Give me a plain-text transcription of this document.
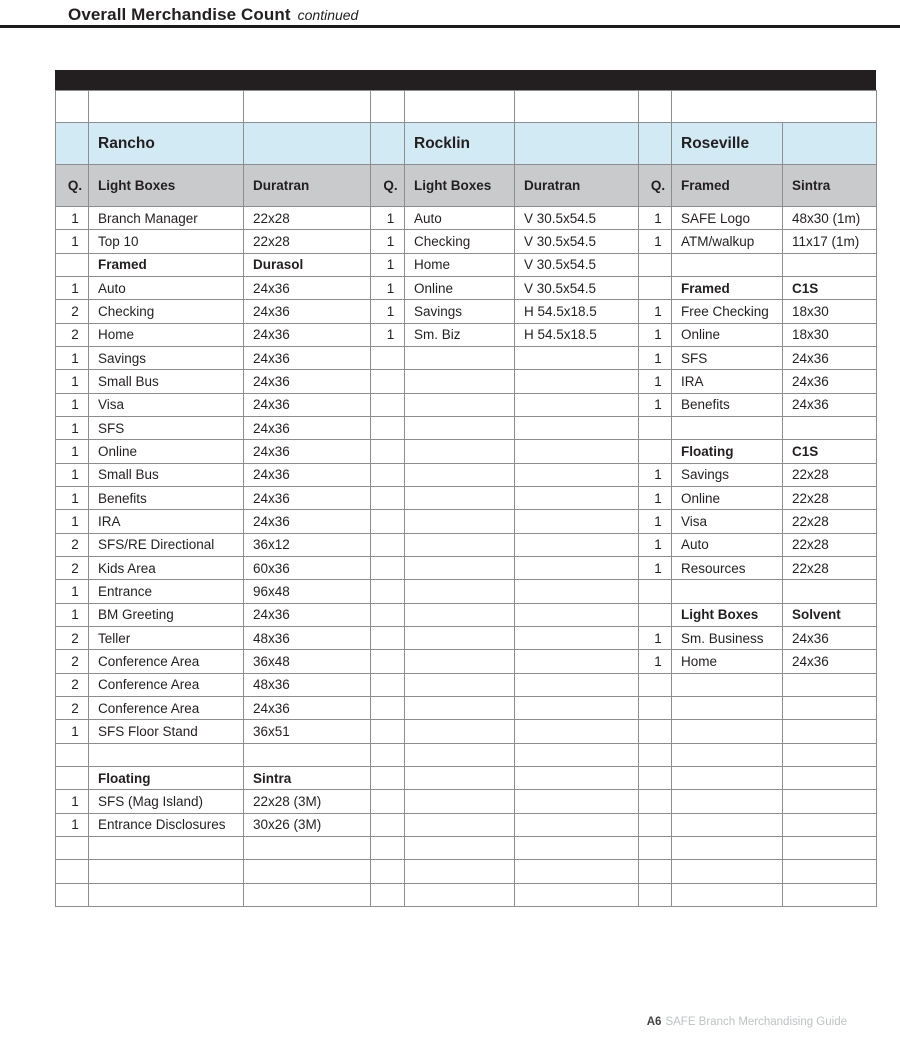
Overall Merchandise Count continued

	Rancho			Rocklin			Roseville	
Q.	Light Boxes	Duratran	Q.	Light Boxes	Duratran	Q.	Framed	Sintra
1	Branch Manager	22x28	1	Auto	V 30.5x54.5	1	SAFE Logo	48x30 (1m)
1	Top 10	22x28	1	Checking	V 30.5x54.5	1	ATM/walkup	11x17 (1m)
	Framed	Durasol	1	Home	V 30.5x54.5			
1	Auto	24x36	1	Online	V 30.5x54.5		Framed	C1S
2	Checking	24x36	1	Savings	H 54.5x18.5	1	Free Checking	18x30
2	Home	24x36	1	Sm. Biz	H 54.5x18.5	1	Online	18x30
1	Savings	24x36				1	SFS	24x36
1	Small Bus	24x36				1	IRA	24x36
1	Visa	24x36				1	Benefits	24x36
1	SFS	24x36						
1	Online	24x36					Floating	C1S
1	Small Bus	24x36				1	Savings	22x28
1	Benefits	24x36				1	Online	22x28
1	IRA	24x36				1	Visa	22x28
2	SFS/RE Directional	36x12				1	Auto	22x28
2	Kids Area	60x36				1	Resources	22x28
1	Entrance	96x48						
1	BM Greeting	24x36					Light Boxes	Solvent
2	Teller	48x36				1	Sm. Business	24x36
2	Conference Area	36x48				1	Home	24x36
2	Conference Area	48x36						
2	Conference Area	24x36						
1	SFS Floor Stand	36x51						

	Floating	Sintra						
1	SFS (Mag Island)	22x28 (3M)						
1	Entrance Disclosures	30x26 (3M)						

A6 SAFE Branch Merchandising Guide
